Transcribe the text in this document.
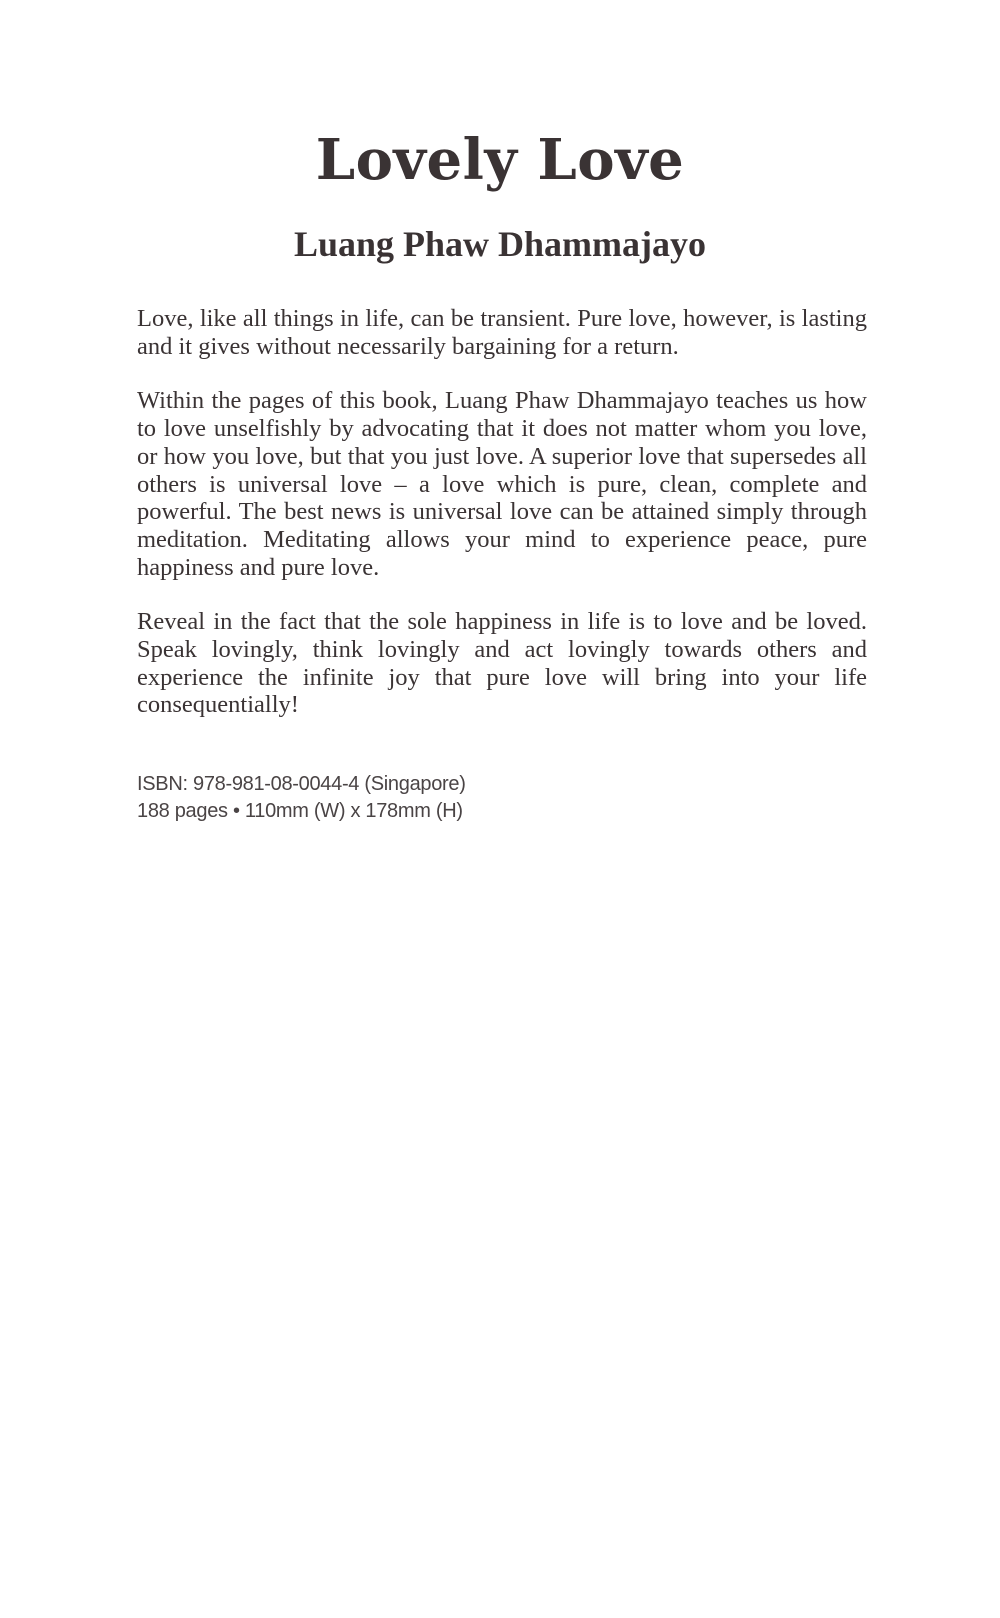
Lovely Love
Luang Phaw Dhammajayo

Love, like all things in life, can be transient. Pure love, however, is lasting and it gives without necessarily bargaining for a return.

Within the pages of this book, Luang Phaw Dhammajayo teaches us how to love unselfishly by advocating that it does not matter whom you love, or how you love, but that you just love. A superior love that supersedes all others is universal love – a love which is pure, clean, complete and powerful. The best news is universal love can be attained simply through meditation. Meditating allows your mind to experience peace, pure happiness and pure love.

Reveal in the fact that the sole happiness in life is to love and be loved. Speak lovingly, think lovingly and act lovingly towards others and experience the infinite joy that pure love will bring into your life consequentially!

ISBN: 978-981-08-0044-4 (Singapore)
188 pages • 110mm (W) x 178mm (H)
